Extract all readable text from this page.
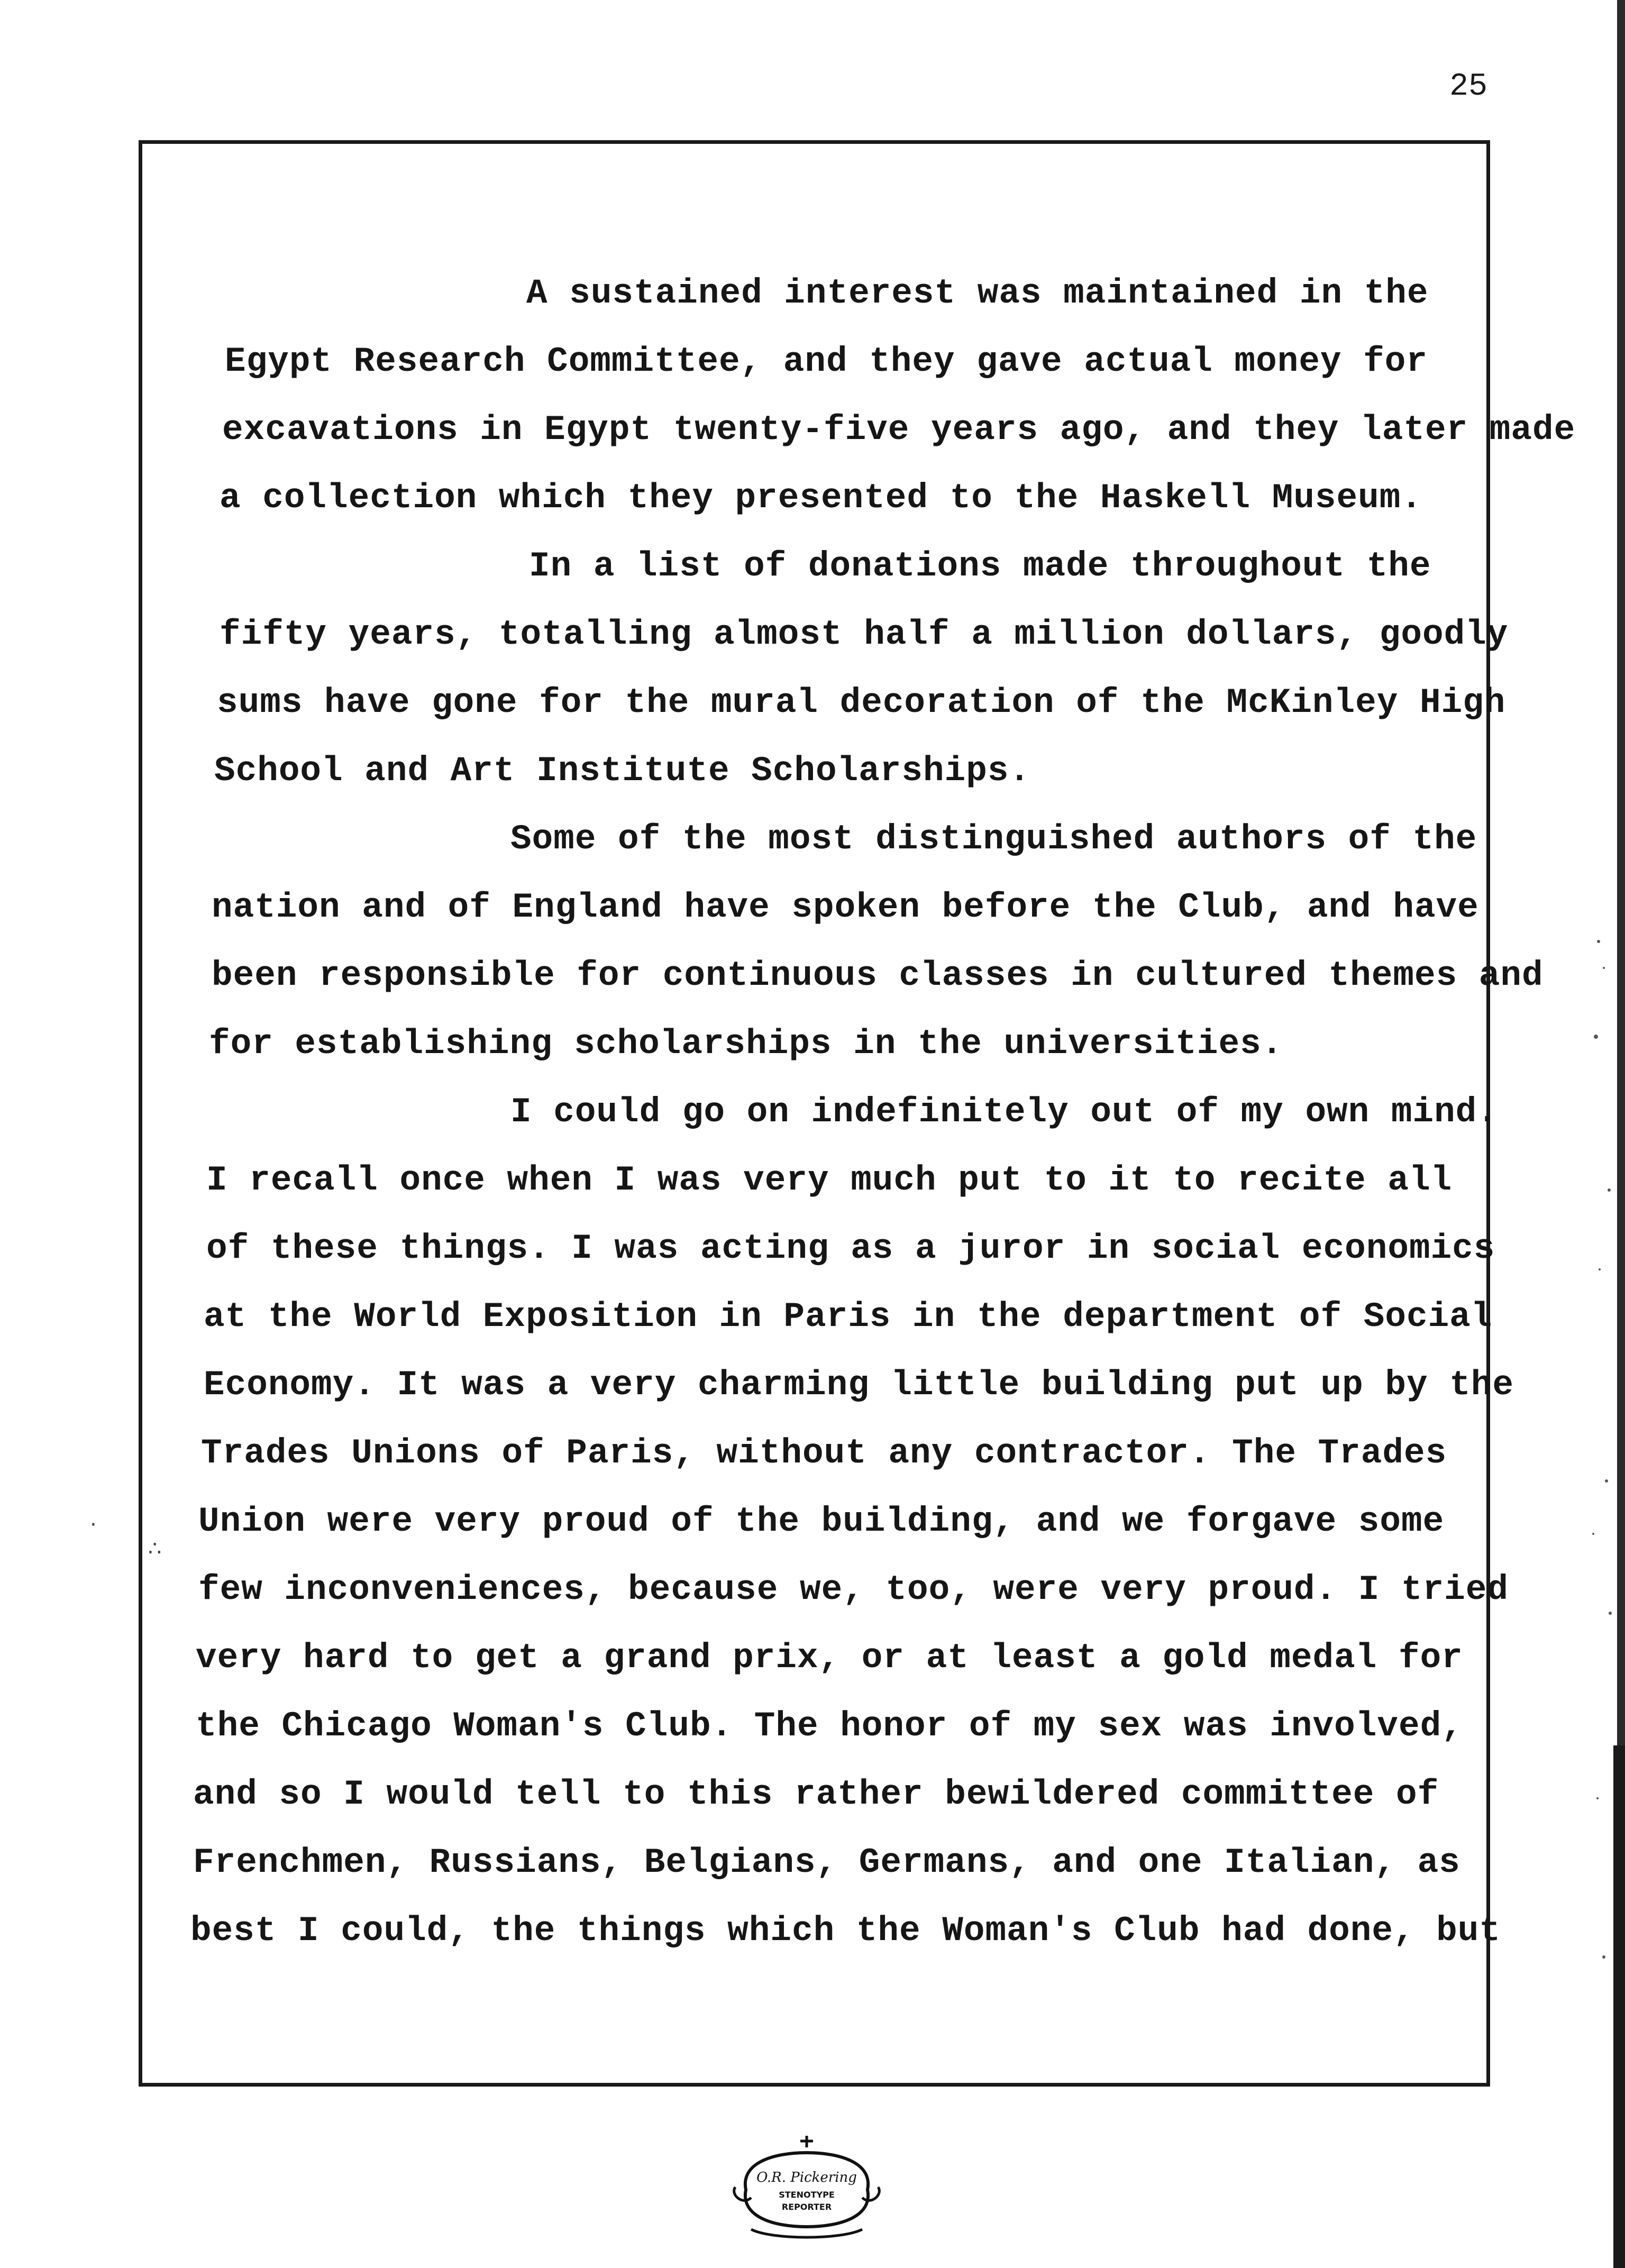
25
A sustained interest was maintained in the
Egypt Research Committee, and they gave actual money for
excavations in Egypt twenty-five years ago, and they later made
a collection which they presented to the Haskell Museum.
In a list of donations made throughout the
fifty years, totalling almost half a million dollars, goodly
sums have gone for the mural decoration of the McKinley High
School and Art Institute Scholarships.
Some of the most distinguished authors of the
nation and of England have spoken before the Club, and have
been responsible for continuous classes in cultured themes and
for establishing scholarships in the universities.
I could go on indefinitely out of my own mind.
I recall once when I was very much put to it to recite all
of these things. I was acting as a juror in social economics
at the World Exposition in Paris in the department of Social
Economy. It was a very charming little building put up by the
Trades Unions of Paris, without any contractor. The Trades
Union were very proud of the building, and we forgave some
few inconveniences, because we, too, were very proud. I tried
very hard to get a grand prix, or at least a gold medal for
the Chicago Woman's Club. The honor of my sex was involved,
and so I would tell to this rather bewildered committee of
Frenchmen, Russians, Belgians, Germans, and one Italian, as
best I could, the things which the Woman's Club had done, but
·
∴
O.R. Pickering
STENOTYPE
REPORTER
